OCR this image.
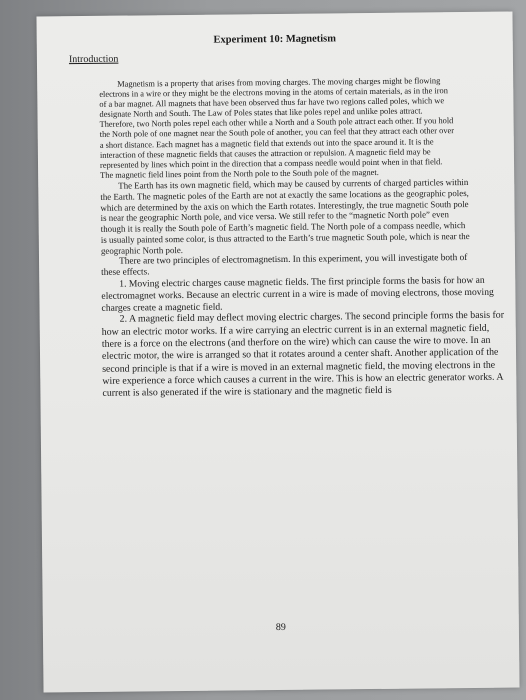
Experiment 10: Magnetism
Introduction

Magnetism is a property that arises from moving charges. The moving charges might be flowing electrons in a wire or they might be the electrons moving in the atoms of certain materials, as in the iron of a bar magnet. All magnets that have been observed thus far have two regions called poles, which we designate North and South. The Law of Poles states that like poles repel and unlike poles attract. Therefore, two North poles repel each other while a North and a South pole attract each other. If you hold the North pole of one magnet near the South pole of another, you can feel that they attract each other over a short distance. Each magnet has a magnetic field that extends out into the space around it. It is the interaction of these magnetic fields that causes the attraction or repulsion. A magnetic field may be represented by lines which point in the direction that a compass needle would point when in that field. The magnetic field lines point from the North pole to the South pole of the magnet.

The Earth has its own magnetic field, which may be caused by currents of charged particles within the Earth. The magnetic poles of the Earth are not at exactly the same locations as the geographic poles, which are determined by the axis on which the Earth rotates. Interestingly, the true magnetic South pole is near the geographic North pole, and vice versa. We still refer to the “magnetic North pole” even though it is really the South pole of Earth’s magnetic field. The North pole of a compass needle, which is usually painted some color, is thus attracted to the Earth’s true magnetic South pole, which is near the geographic North pole.

There are two principles of electromagnetism. In this experiment, you will investigate both of these effects.

1. Moving electric charges cause magnetic fields. The first principle forms the basis for how an electromagnet works. Because an electric current in a wire is made of moving electrons, those moving charges create a magnetic field.

2. A magnetic field may deflect moving electric charges. The second principle forms the basis for how an electric motor works. If a wire carrying an electric current is in an external magnetic field, there is a force on the electrons (and therfore on the wire) which can cause the wire to move. In an electric motor, the wire is arranged so that it rotates around a center shaft. Another application of the second principle is that if a wire is moved in an external magnetic field, the moving electrons in the wire experience a force which causes a current in the wire. This is how an electric generator works. A current is also generated if the wire is stationary and the magnetic field is

89
